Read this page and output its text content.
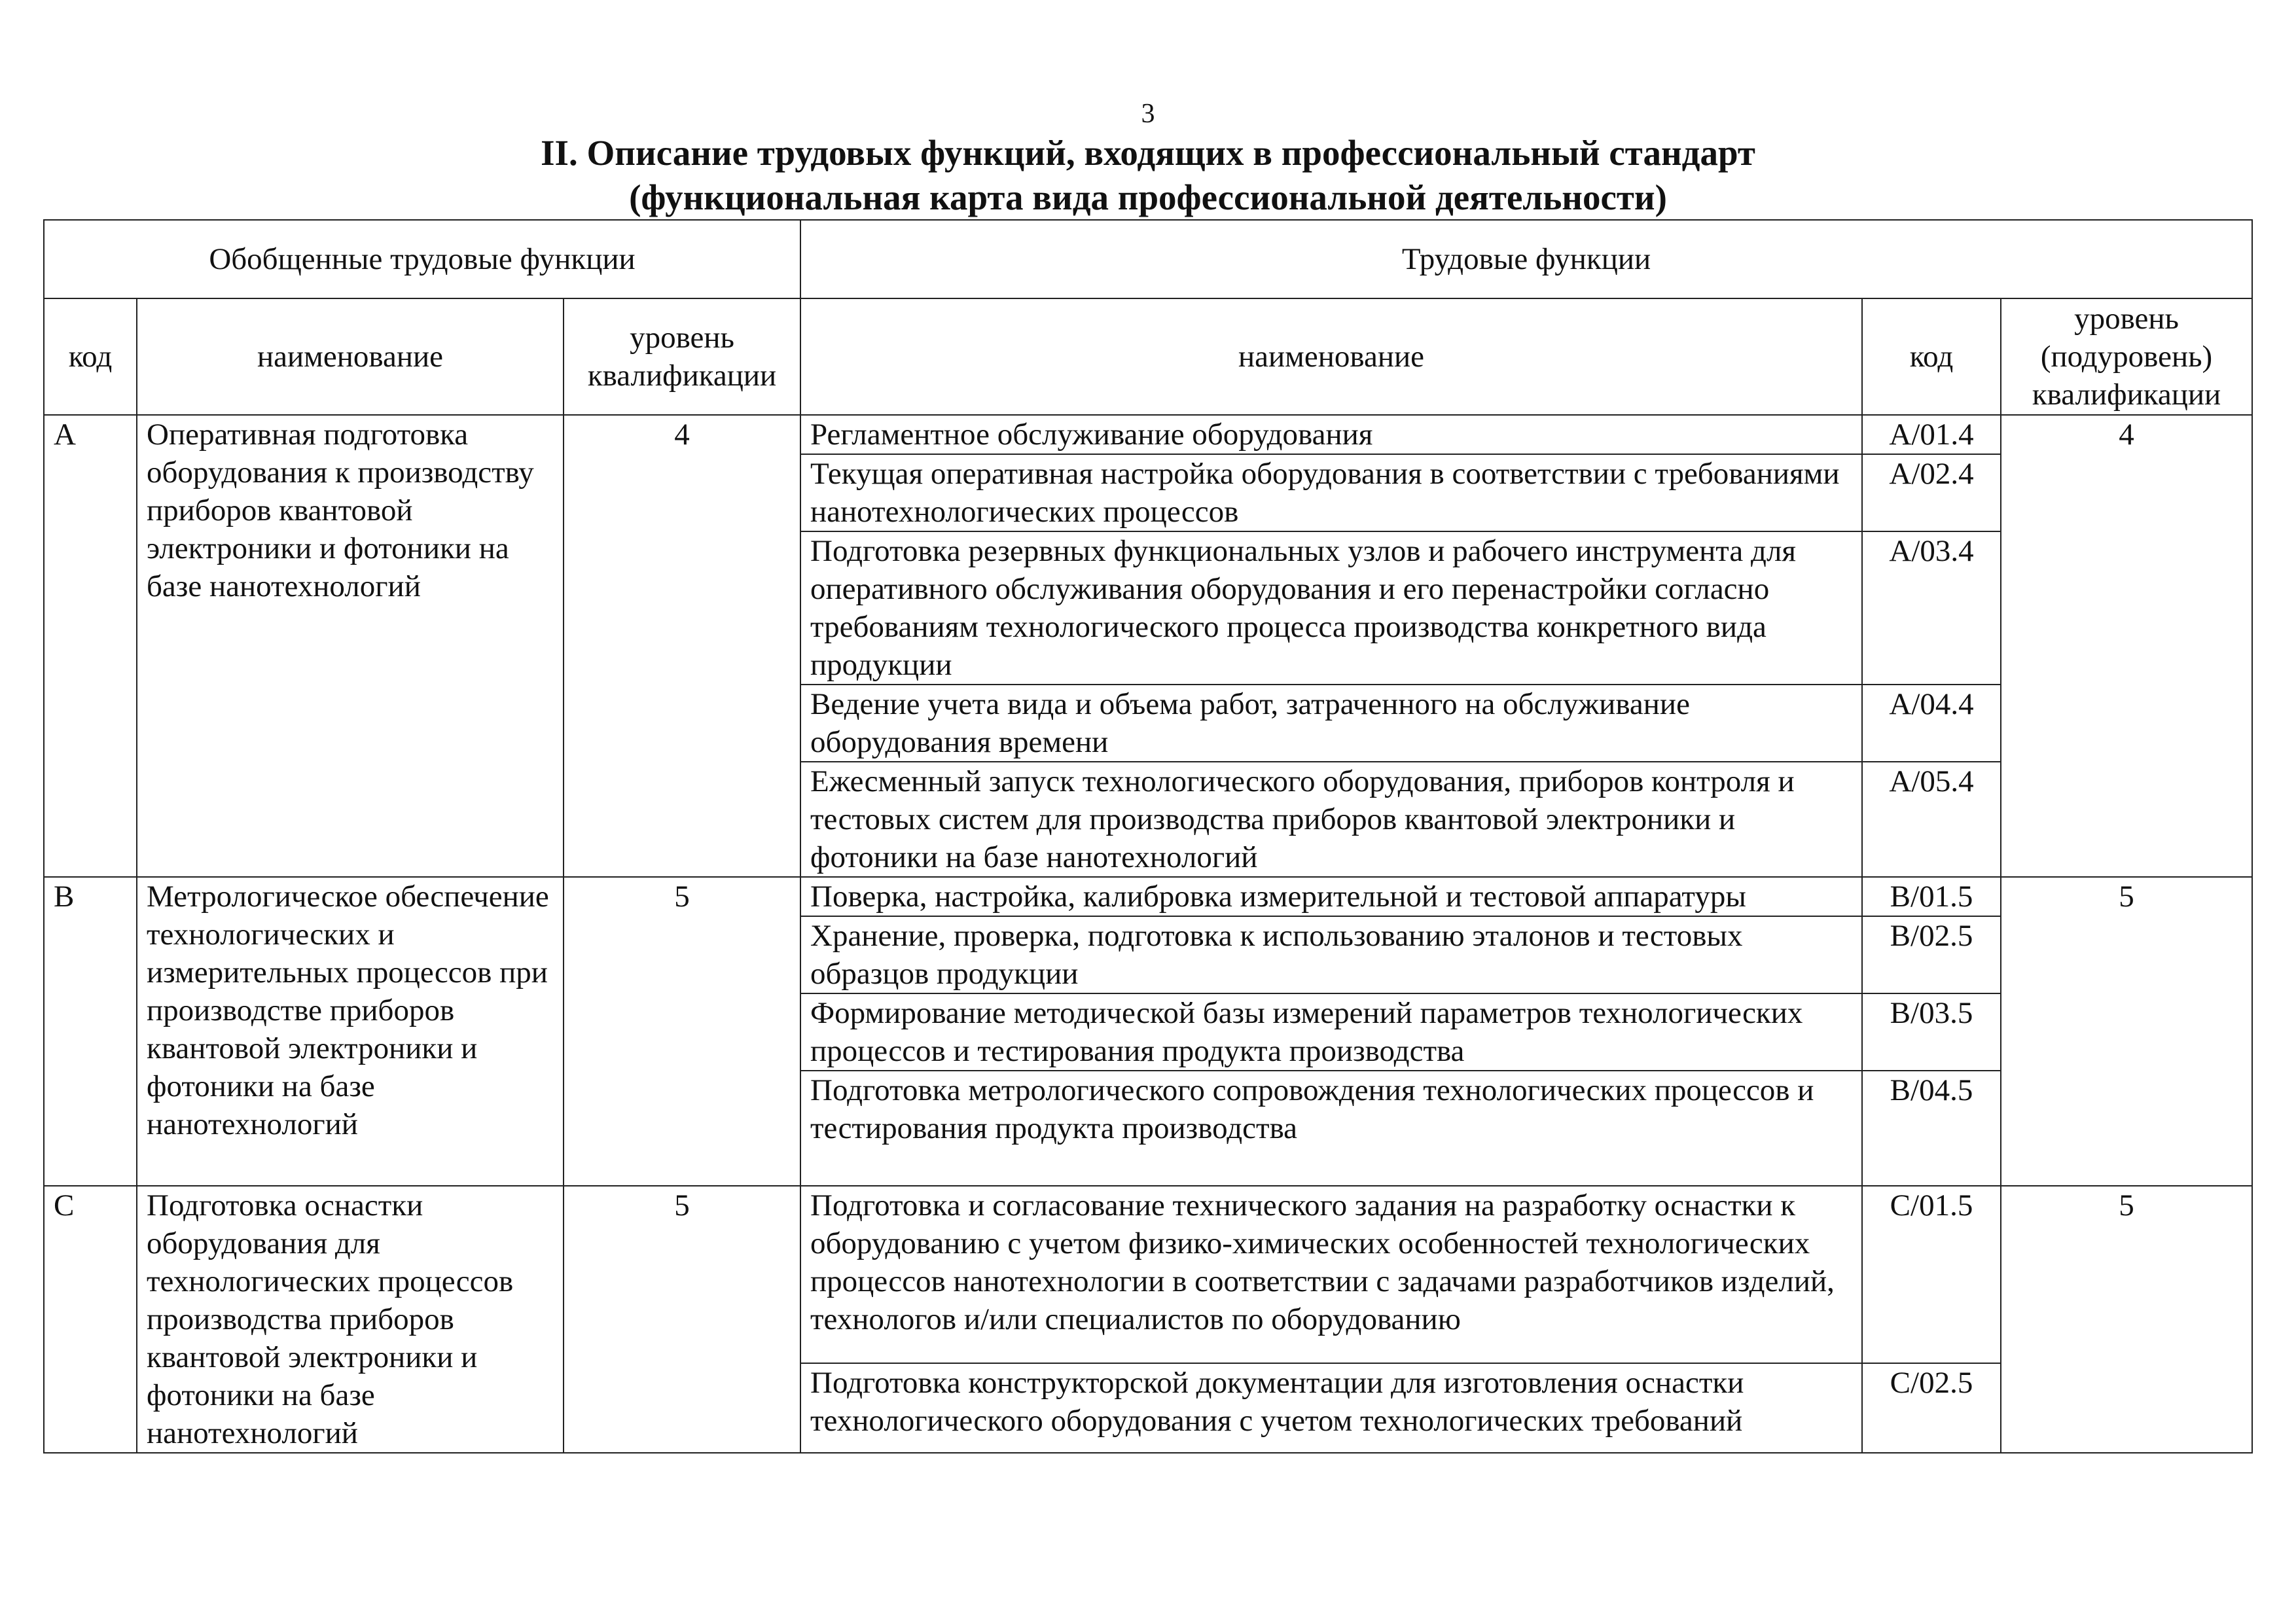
3
II. Описание трудовых функций, входящих в профессиональный стандарт
(функциональная карта вида профессиональной деятельности)
Обобщенные трудовые функции			Трудовые функции		
код	наименование	уровень квалификации	наименование	код	уровень (подуровень) квалификации
A	Оперативная подготовка оборудования к производству приборов квантовой электроники и фотоники на базе нанотехнологий	4	Регламентное обслуживание оборудования	A/01.4	4
			Текущая оперативная настройка оборудования в соответствии с требованиями нанотехнологических процессов	A/02.4	
			Подготовка резервных функциональных узлов и рабочего инструмента для оперативного обслуживания оборудования и его перенастройки согласно требованиям технологического процесса производства конкретного вида продукции	A/03.4	
			Ведение учета вида и объема работ, затраченного на обслуживание оборудования времени	A/04.4	
			Ежесменный запуск технологического оборудования, приборов контроля и тестовых систем для производства приборов квантовой электроники и фотоники на базе нанотехнологий	A/05.4	
B	Метрологическое обеспечение технологических и измерительных процессов при производстве приборов квантовой электроники и фотоники на базе нанотехнологий	5	Поверка, настройка, калибровка измерительной и тестовой аппаратуры	B/01.5	5
			Хранение, проверка, подготовка к использованию эталонов и тестовых образцов продукции	B/02.5	
			Формирование методической базы измерений параметров технологических процессов и тестирования продукта производства	B/03.5	
			Подготовка метрологического сопровождения технологических процессов и тестирования продукта производства	B/04.5	
C	Подготовка оснастки оборудования для технологических процессов производства приборов квантовой электроники и фотоники на базе нанотехнологий	5	Подготовка и согласование технического задания на разработку оснастки к оборудованию с учетом физико-химических особенностей технологических процессов нанотехнологии в соответствии с задачами разработчиков изделий, технологов и/или специалистов по оборудованию	C/01.5	5
			Подготовка конструкторской документации для изготовления оснастки технологического оборудования с учетом технологических требований	C/02.5	
